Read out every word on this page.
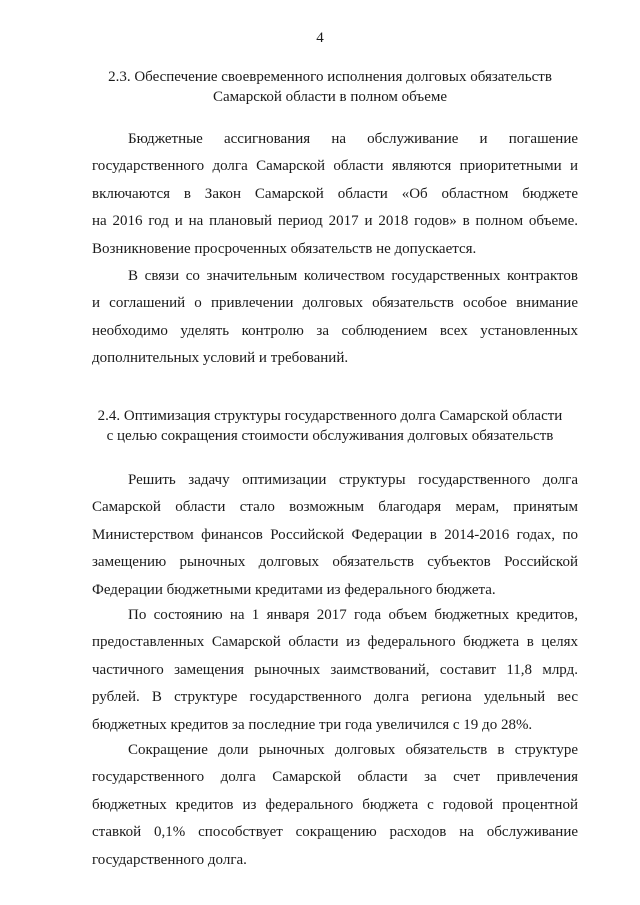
4
2.3. Обеспечение своевременного исполнения долговых обязательств
Самарской области в полном объеме
Бюджетные ассигнования на обслуживание и погашение
государственного долга Самарской области являются приоритетными и
включаются в Закон Самарской области «Об областном бюджете
на 2016 год и на плановый период 2017 и 2018 годов» в полном объеме.
Возникновение просроченных обязательств не допускается.
В связи со значительным количеством государственных контрактов
и соглашений о привлечении долговых обязательств особое внимание
необходимо уделять контролю за соблюдением всех установленных
дополнительных условий и требований.
2.4. Оптимизация структуры государственного долга Самарской области
с целью сокращения стоимости обслуживания долговых обязательств
Решить задачу оптимизации структуры государственного долга
Самарской области стало возможным благодаря мерам, принятым
Министерством финансов Российской Федерации в 2014-2016 годах, по
замещению рыночных долговых обязательств субъектов Российской
Федерации бюджетными кредитами из федерального бюджета.
По состоянию на 1 января 2017 года объем бюджетных кредитов,
предоставленных Самарской области из федерального бюджета в целях
частичного замещения рыночных заимствований, составит 11,8 млрд.
рублей. В структуре государственного долга региона удельный вес
бюджетных кредитов за последние три года увеличился с 19 до 28%.
Сокращение доли рыночных долговых обязательств в структуре
государственного долга Самарской области за счет привлечения
бюджетных кредитов из федерального бюджета с годовой процентной
ставкой 0,1% способствует сокращению расходов на обслуживание
государственного долга.
